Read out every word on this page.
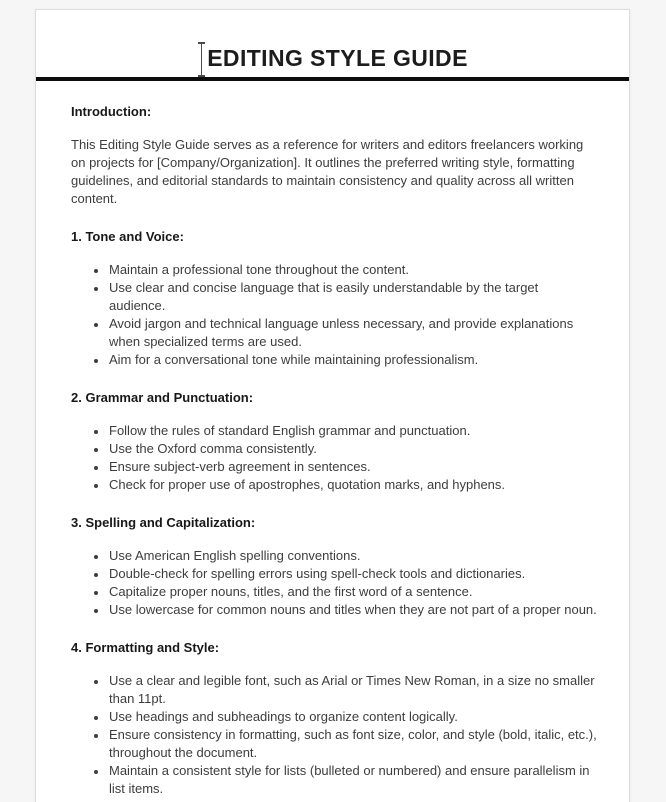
EDITING STYLE GUIDE
Introduction:

This Editing Style Guide serves as a reference for writers and editors freelancers working on projects for [Company/Organization]. It outlines the preferred writing style, formatting guidelines, and editorial standards to maintain consistency and quality across all written content.

1. Tone and Voice:
• Maintain a professional tone throughout the content.
• Use clear and concise language that is easily understandable by the target audience.
• Avoid jargon and technical language unless necessary, and provide explanations when specialized terms are used.
• Aim for a conversational tone while maintaining professionalism.
2. Grammar and Punctuation:
• Follow the rules of standard English grammar and punctuation.
• Use the Oxford comma consistently.
• Ensure subject-verb agreement in sentences.
• Check for proper use of apostrophes, quotation marks, and hyphens.
3. Spelling and Capitalization:
• Use American English spelling conventions.
• Double-check for spelling errors using spell-check tools and dictionaries.
• Capitalize proper nouns, titles, and the first word of a sentence.
• Use lowercase for common nouns and titles when they are not part of a proper noun.
4. Formatting and Style:
• Use a clear and legible font, such as Arial or Times New Roman, in a size no smaller than 11pt.
• Use headings and subheadings to organize content logically.
• Ensure consistency in formatting, such as font size, color, and style (bold, italic, etc.), throughout the document.
• Maintain a consistent style for lists (bulleted or numbered) and ensure parallelism in list items.
